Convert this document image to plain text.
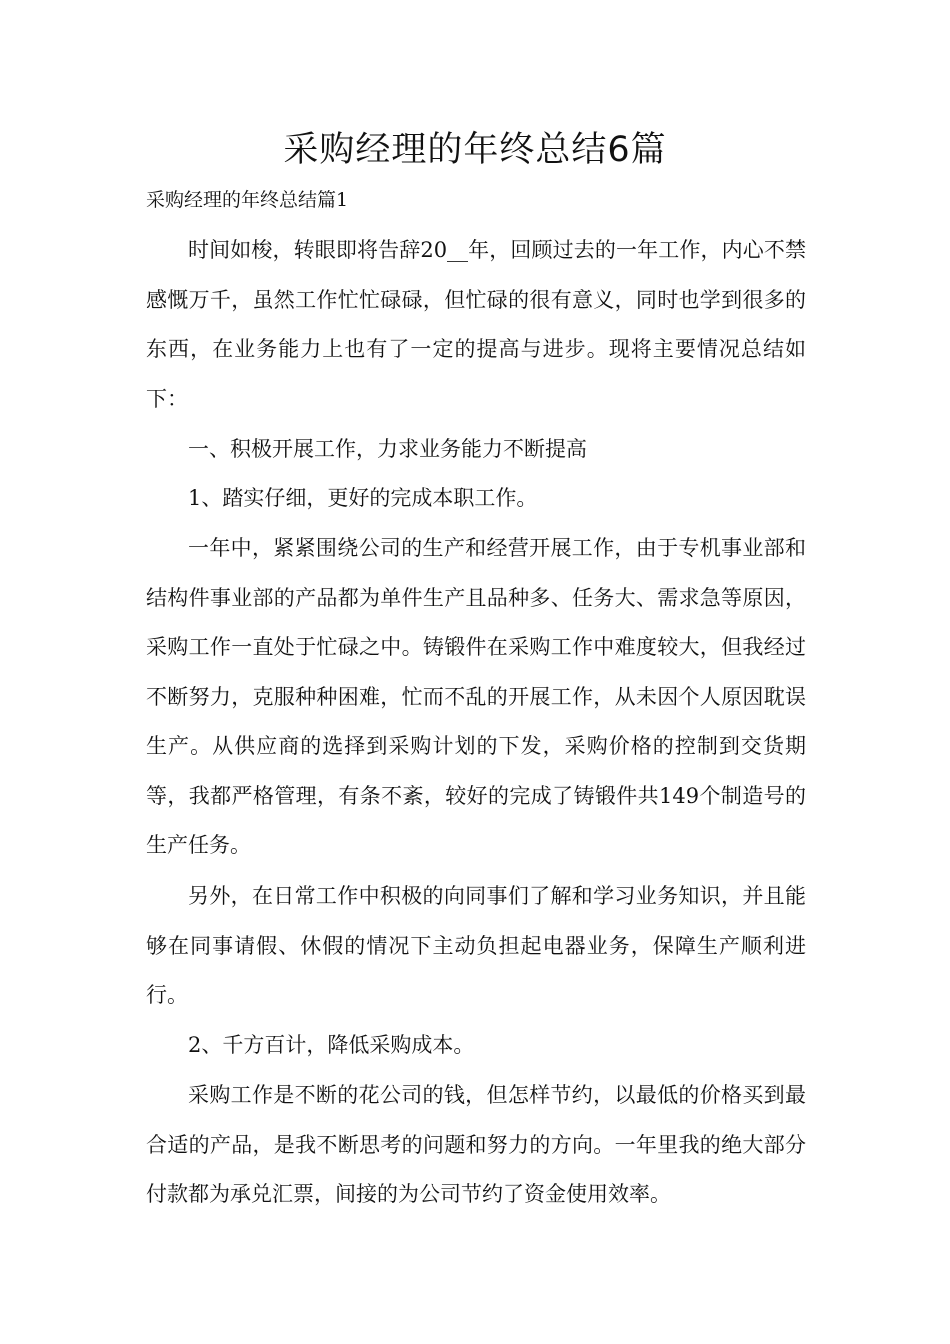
采购经理的年终总结6篇

采购经理的年终总结篇1

时间如梭，转眼即将告辞20__年，回顾过去的一年工作，内心不禁感慨万千，虽然工作忙忙碌碌，但忙碌的很有意义，同时也学到很多的东西，在业务能力上也有了一定的提高与进步。现将主要情况总结如下：

一、积极开展工作，力求业务能力不断提高

1、踏实仔细，更好的完成本职工作。

一年中，紧紧围绕公司的生产和经营开展工作，由于专机事业部和结构件事业部的产品都为单件生产且品种多、任务大、需求急等原因，采购工作一直处于忙碌之中。铸锻件在采购工作中难度较大，但我经过不断努力，克服种种困难，忙而不乱的开展工作，从未因个人原因耽误生产。从供应商的选择到采购计划的下发，采购价格的控制到交货期等，我都严格管理，有条不紊，较好的完成了铸锻件共149个制造号的生产任务。

另外，在日常工作中积极的向同事们了解和学习业务知识，并且能够在同事请假、休假的情况下主动负担起电器业务，保障生产顺利进行。

2、千方百计，降低采购成本。

采购工作是不断的花公司的钱，但怎样节约，以最低的价格买到最合适的产品，是我不断思考的问题和努力的方向。一年里我的绝大部分付款都为承兑汇票，间接的为公司节约了资金使用效率。
